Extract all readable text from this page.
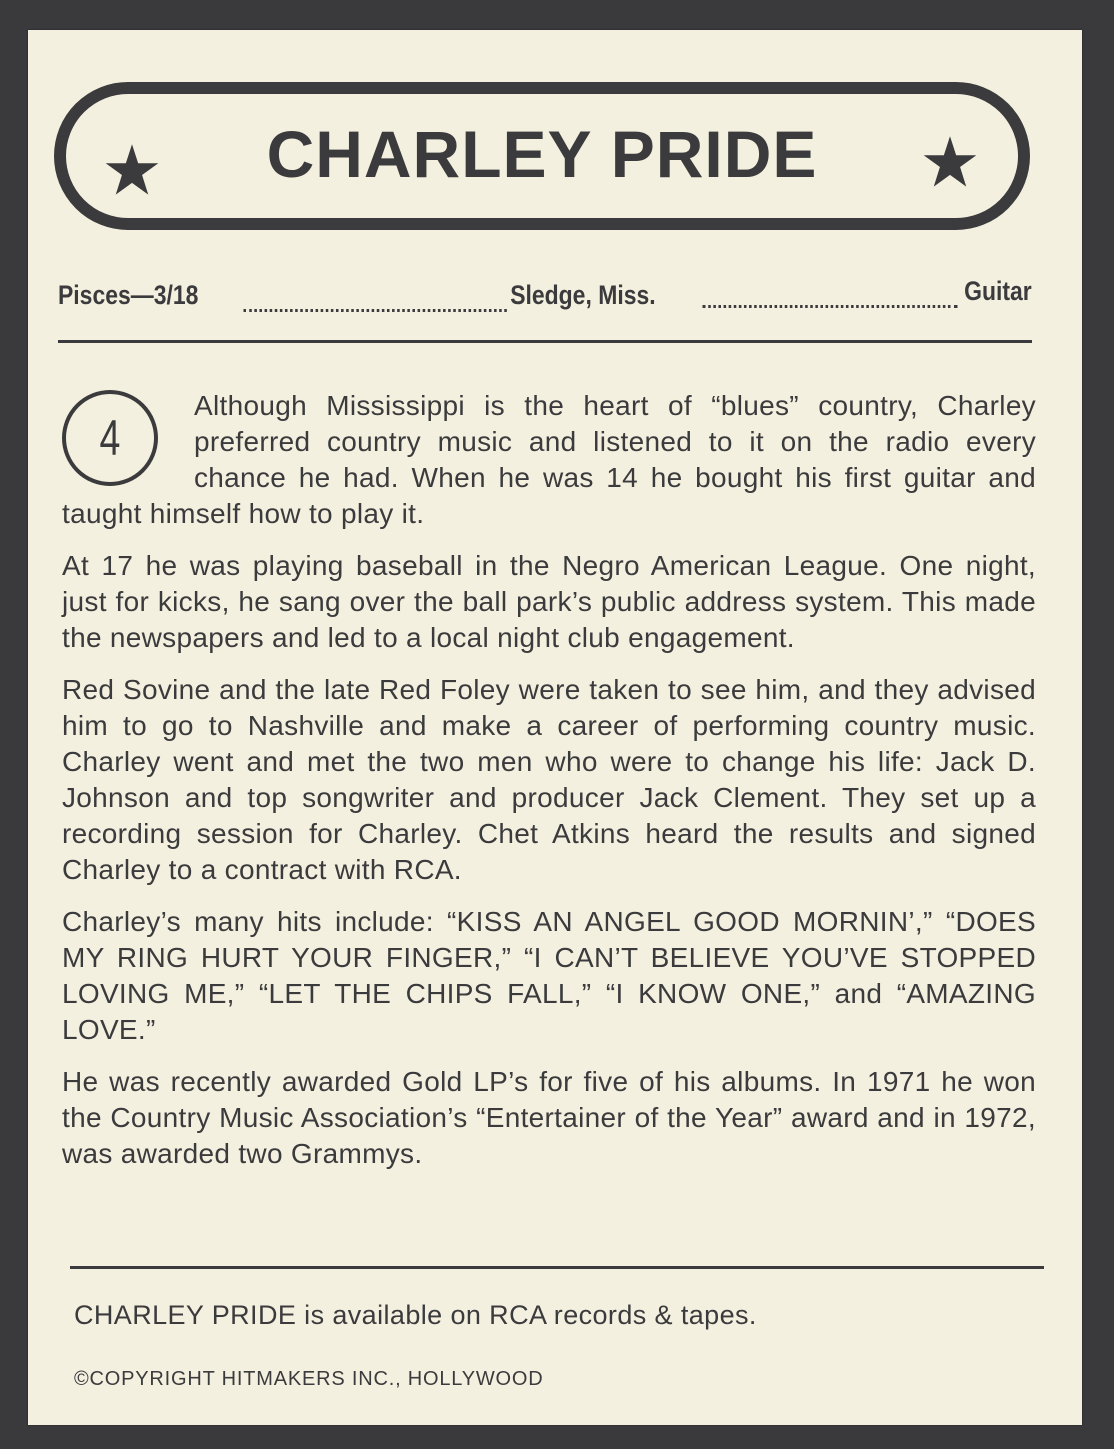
CHARLEY PRIDE
Pisces—3/18	Sledge, Miss.	Guitar
4

Although Mississippi is the heart of “blues” country, Charley preferred country music and listened to it on the radio every chance he had. When he was 14 he bought his first guitar and taught himself how to play it.

At 17 he was playing baseball in the Negro American League. One night, just for kicks, he sang over the ball park’s public address system. This made the newspapers and led to a local night club engagement.

Red Sovine and the late Red Foley were taken to see him, and they advised him to go to Nashville and make a career of performing country music. Charley went and met the two men who were to change his life: Jack D. Johnson and top songwriter and producer Jack Clement. They set up a recording session for Charley. Chet Atkins heard the results and signed Charley to a contract with RCA.

Charley’s many hits include: “KISS AN ANGEL GOOD MORNIN’,” “DOES MY RING HURT YOUR FINGER,” “I CAN’T BELIEVE YOU’VE STOPPED LOVING ME,” “LET THE CHIPS FALL,” “I KNOW ONE,” and “AMAZING LOVE.”

He was recently awarded Gold LP’s for five of his albums. In 1971 he won the Country Music Association’s “Entertainer of the Year” award and in 1972, was awarded two Grammys.

CHARLEY PRIDE is available on RCA records & tapes.
©COPYRIGHT HITMAKERS INC., HOLLYWOOD
